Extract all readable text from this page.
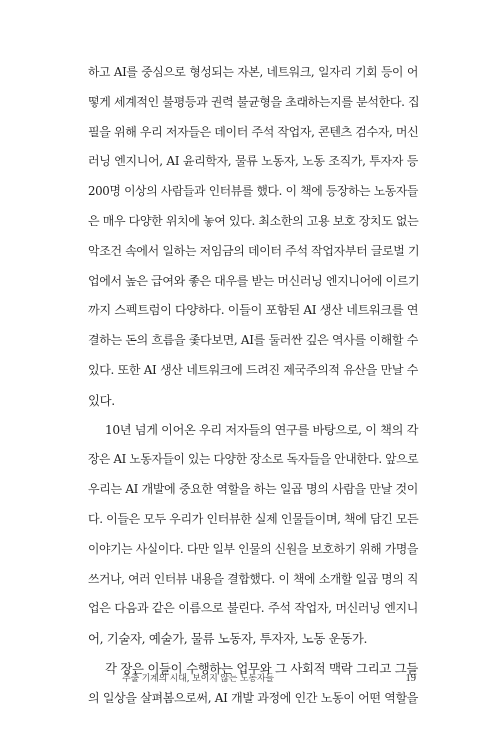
하고 AI를 중심으로 형성되는 자본, 네트워크, 일자리 기회 등이 어
떻게 세계적인 불평등과 권력 불균형을 초래하는지를 분석한다. 집
필을 위해 우리 저자들은 데이터 주석 작업자, 콘텐츠 검수자, 머신
러닝 엔지니어, AI 윤리학자, 물류 노동자, 노동 조직가, 투자자 등
200명 이상의 사람들과 인터뷰를 했다. 이 책에 등장하는 노동자들
은 매우 다양한 위치에 놓여 있다. 최소한의 고용 보호 장치도 없는
악조건 속에서 일하는 저임금의 데이터 주석 작업자부터 글로벌 기
업에서 높은 급여와 좋은 대우를 받는 머신러닝 엔지니어에 이르기
까지 스펙트럼이 다양하다. 이들이 포함된 AI 생산 네트워크를 연
결하는 돈의 흐름을 좇다보면, AI를 둘러싼 깊은 역사를 이해할 수
있다. 또한 AI 생산 네트워크에 드려진 제국주의적 유산을 만날 수
있다.
10년 넘게 이어온 우리 저자들의 연구를 바탕으로, 이 책의 각
장은 AI 노동자들이 있는 다양한 장소로 독자들을 안내한다. 앞으로
우리는 AI 개발에 중요한 역할을 하는 일곱 명의 사람을 만날 것이
다. 이들은 모두 우리가 인터뷰한 실제 인물들이며, 책에 담긴 모든
이야기는 사실이다. 다만 일부 인물의 신원을 보호하기 위해 가명을
쓰거나, 여러 인터뷰 내용을 결합했다. 이 책에 소개할 일곱 명의 직
업은 다음과 같은 이름으로 불린다. 주석 작업자, 머신러닝 엔지니
어, 기술자, 예술가, 물류 노동자, 투자자, 노동 운동가.
각 장은 이들이 수행하는 업무와 그 사회적 맥락 그리고 그들
의 일상을 살펴봄으로써, AI 개발 과정에 인간 노동이 어떤 역할을
추출 기계의 시대, 보이지 않는 노동자들	19
